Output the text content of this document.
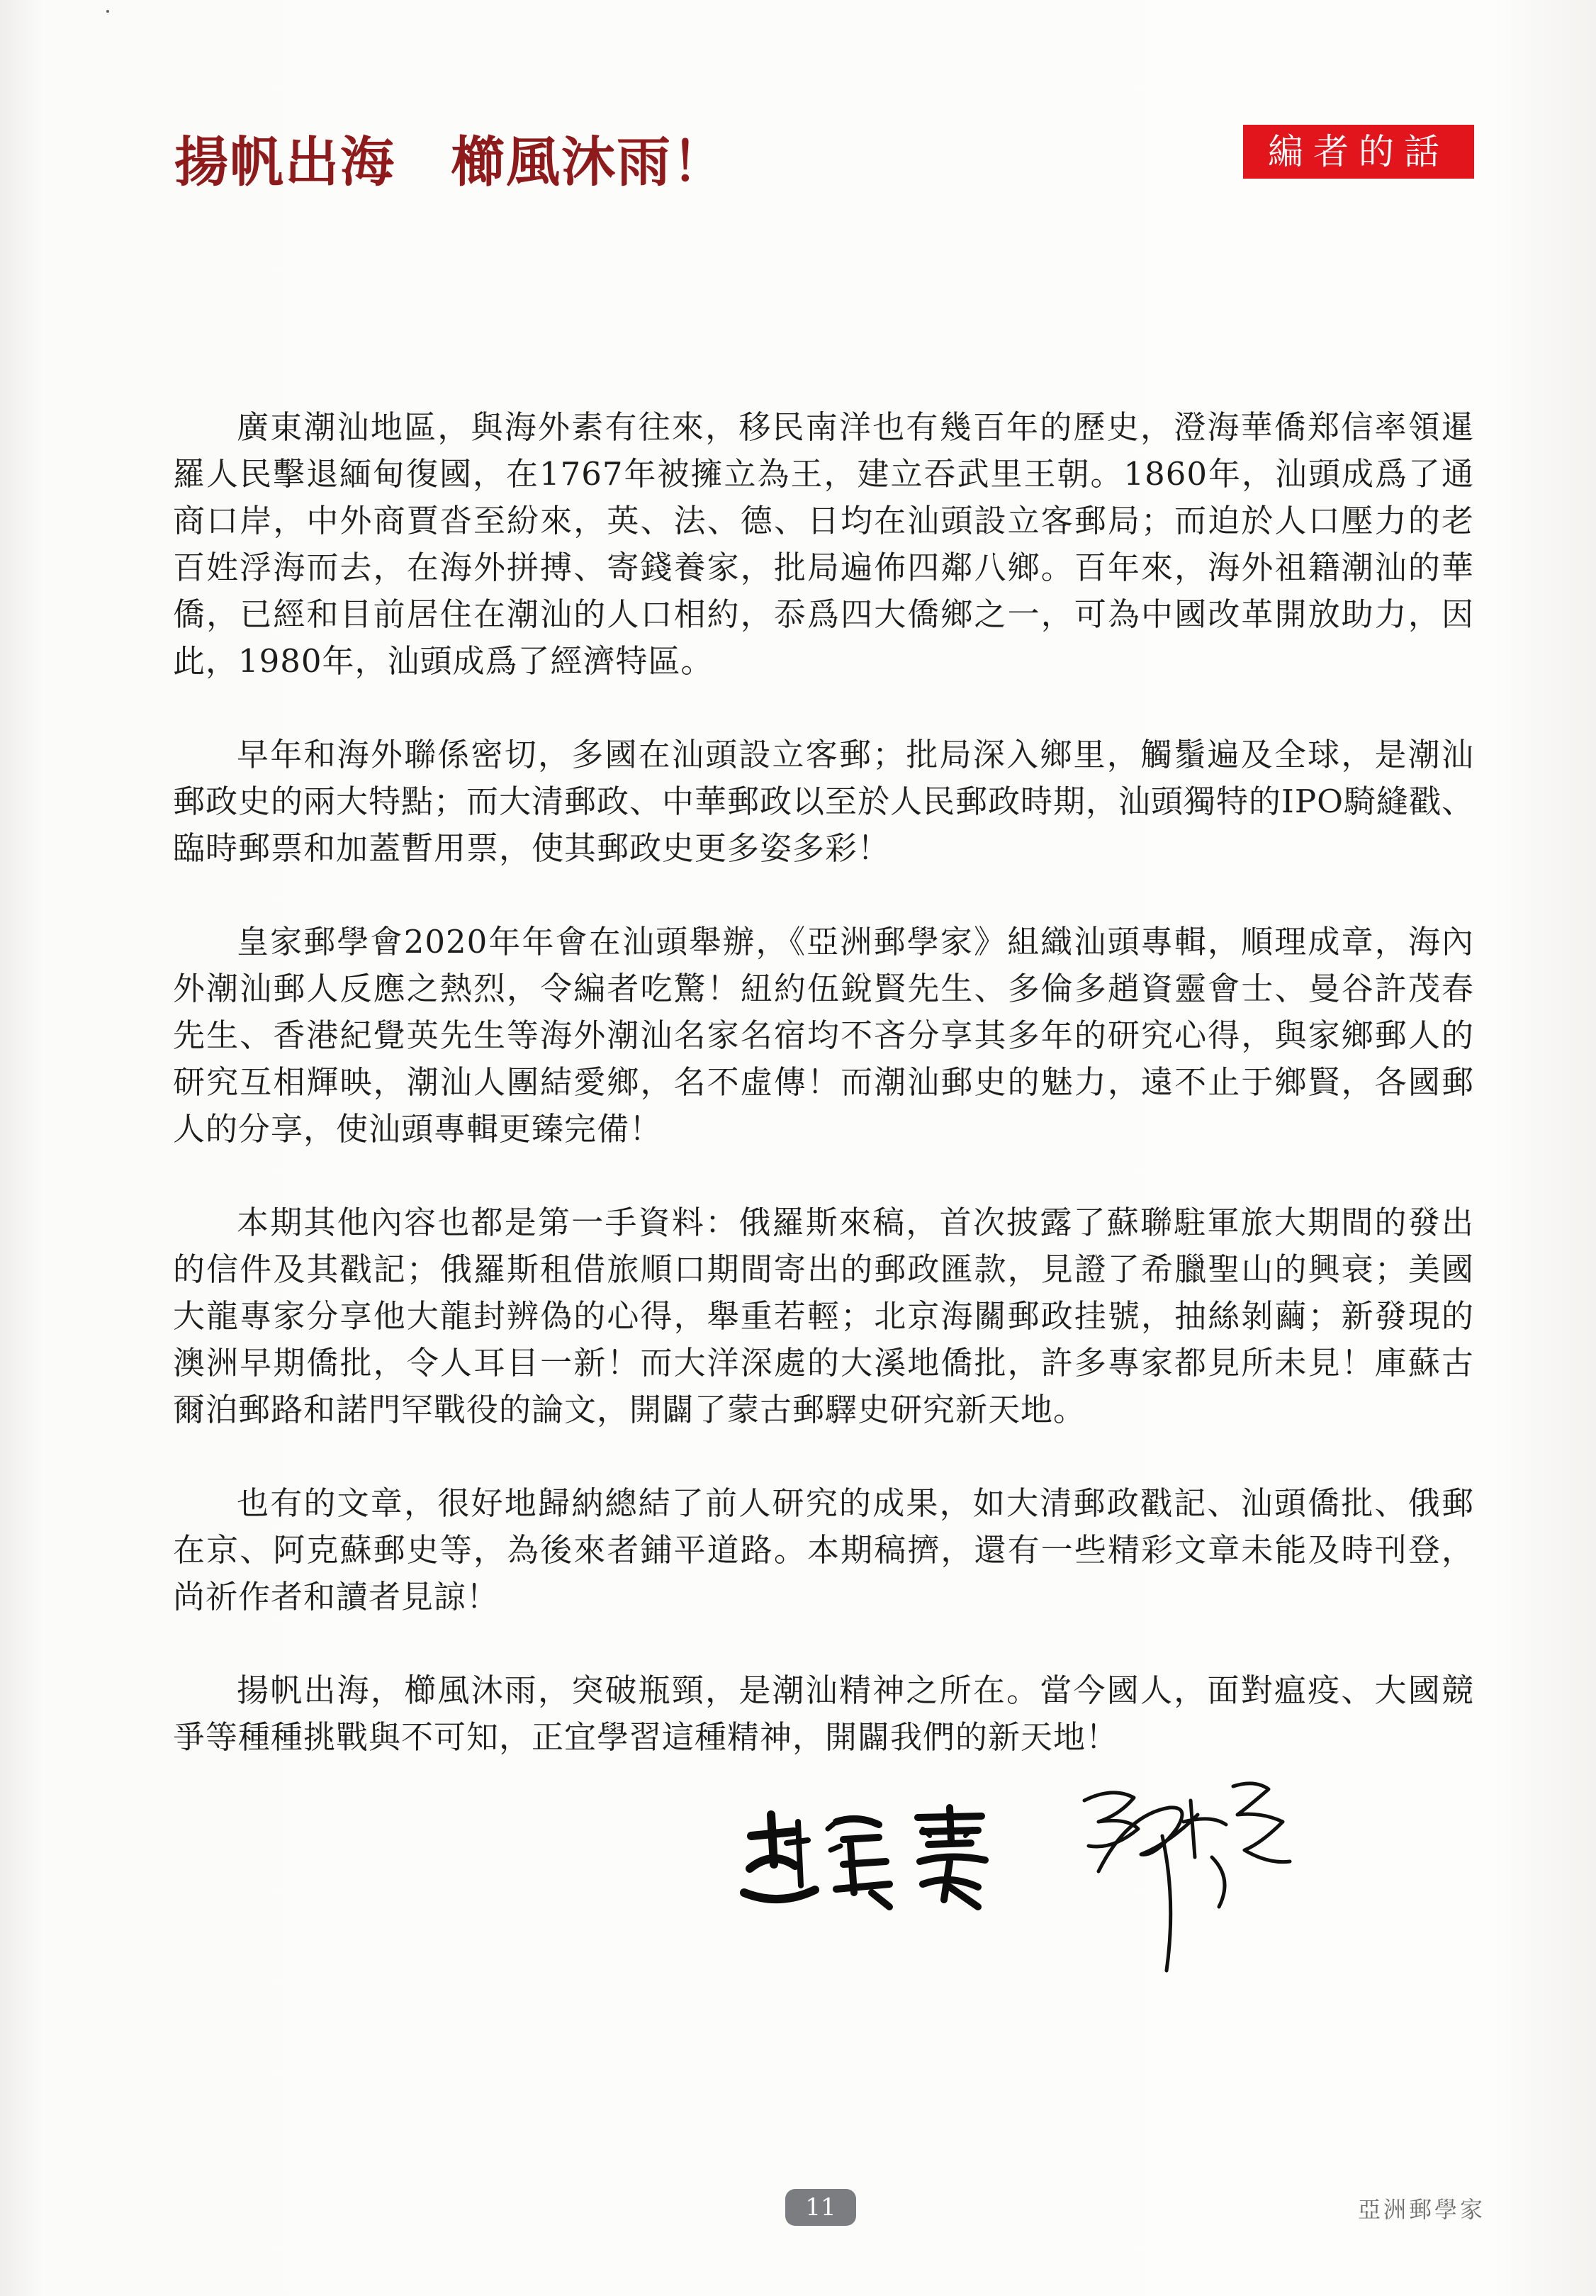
揚帆出海　櫛風沐雨！	編者的話

廣東潮汕地區，與海外素有往來，移民南洋也有幾百年的歷史，澄海華僑郑信率領暹羅人民擊退緬甸復國，在1767年被擁立為王，建立吞武里王朝。1860年，汕頭成爲了通商口岸，中外商賈沓至紛來，英、法、德、日均在汕頭設立客郵局；而迫於人口壓力的老百姓浮海而去，在海外拼搏、寄錢養家，批局遍佈四鄰八鄉。百年來，海外祖籍潮汕的華僑，已經和目前居住在潮汕的人口相約，忝爲四大僑鄉之一，可為中國改革開放助力，因此，1980年，汕頭成爲了經濟特區。

早年和海外聯係密切，多國在汕頭設立客郵；批局深入鄉里，觸鬚遍及全球，是潮汕郵政史的兩大特點；而大清郵政、中華郵政以至於人民郵政時期，汕頭獨特的IPO騎縫戳、臨時郵票和加蓋暫用票，使其郵政史更多姿多彩！

皇家郵學會2020年年會在汕頭舉辦，《亞洲郵學家》組織汕頭專輯，順理成章，海內外潮汕郵人反應之熱烈，令編者吃驚！紐約伍銳賢先生、多倫多趙資靈會士、曼谷許茂春先生、香港紀覺英先生等海外潮汕名家名宿均不吝分享其多年的研究心得，與家鄉郵人的研究互相輝映，潮汕人團結愛鄉，名不虛傳！而潮汕郵史的魅力，遠不止于鄉賢，各國郵人的分享，使汕頭專輯更臻完備！

本期其他內容也都是第一手資料：俄羅斯來稿，首次披露了蘇聯駐軍旅大期間的發出的信件及其戳記；俄羅斯租借旅順口期間寄出的郵政匯款，見證了希臘聖山的興衰；美國大龍專家分享他大龍封辨偽的心得，舉重若輕；北京海關郵政挂號，抽絲剝繭；新發現的澳洲早期僑批，令人耳目一新！而大洋深處的大溪地僑批，許多專家都見所未見！庫蘇古爾泊郵路和諾門罕戰役的論文，開闢了蒙古郵驛史研究新天地。

也有的文章，很好地歸納總結了前人研究的成果，如大清郵政戳記、汕頭僑批、俄郵在京、阿克蘇郵史等，為後來者鋪平道路。本期稿擠，還有一些精彩文章未能及時刊登，尚祈作者和讀者見諒！

揚帆出海，櫛風沐雨，突破瓶頸，是潮汕精神之所在。當今國人，面對瘟疫、大國競爭等種種挑戰與不可知，正宜學習這種精神，開闢我們的新天地！

11	亞洲郵學家
